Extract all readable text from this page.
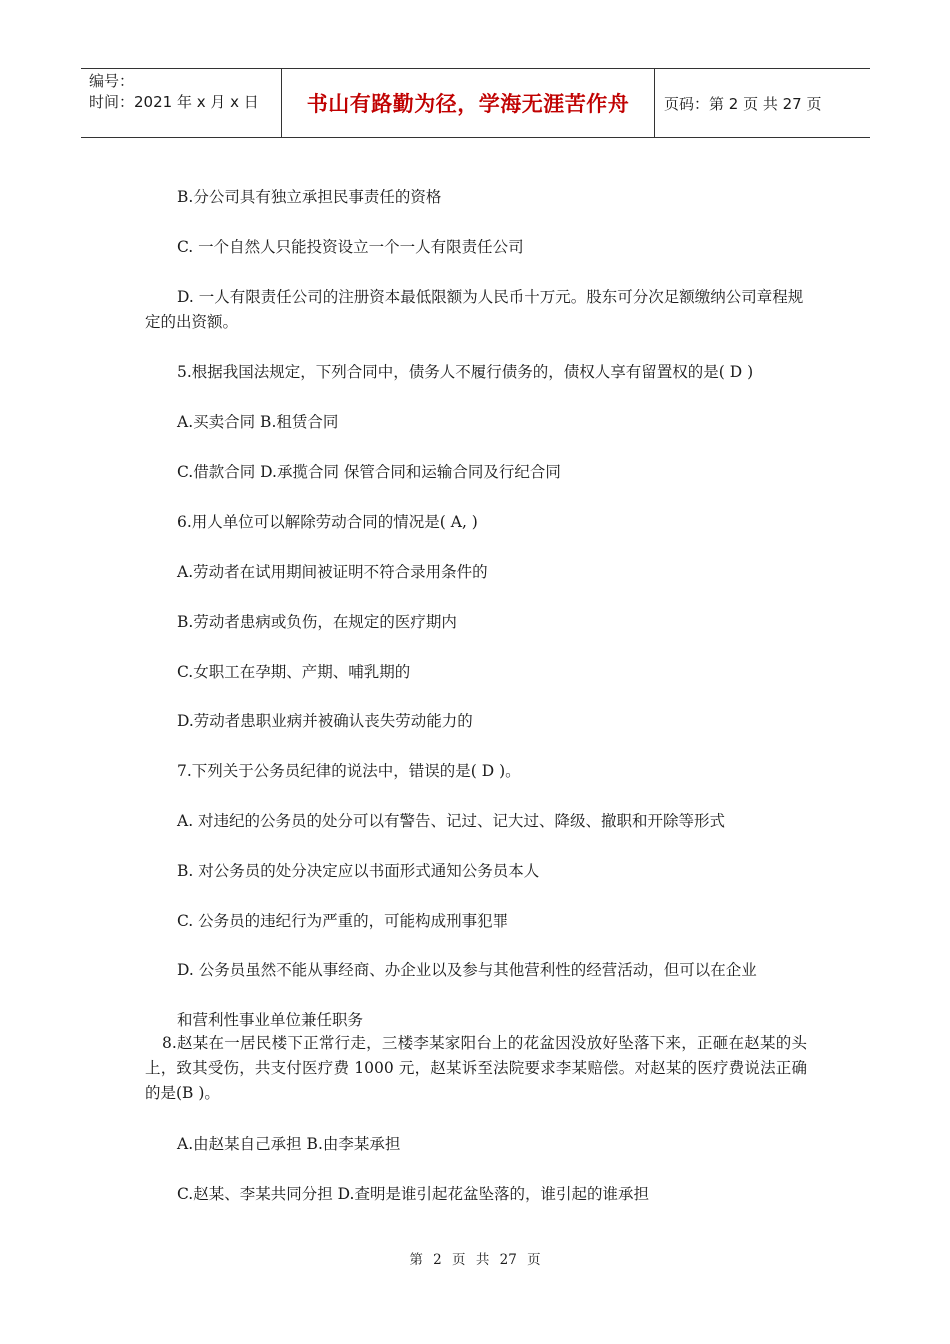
编号：
时间：2021 年 x 月 x 日	书山有路勤为径，学海无涯苦作舟 页码：第 2 页 共 27 页
B.分公司具有独立承担民事责任的资格
C. 一个自然人只能投资设立一个一人有限责任公司
D. 一人有限责任公司的注册资本最低限额为人民币十万元。股东可分次足额缴纳公司章程规定的出资额。
5.根据我国法规定，下列合同中，债务人不履行债务的，债权人享有留置权的是( D )
A.买卖合同 B.租赁合同
C.借款合同 D.承揽合同 保管合同和运输合同及行纪合同
6.用人单位可以解除劳动合同的情况是( A, )
A.劳动者在试用期间被证明不符合录用条件的
B.劳动者患病或负伤，在规定的医疗期内
C.女职工在孕期、产期、哺乳期的
D.劳动者患职业病并被确认丧失劳动能力的
7.下列关于公务员纪律的说法中，错误的是( D )。
A. 对违纪的公务员的处分可以有警告、记过、记大过、降级、撤职和开除等形式
B. 对公务员的处分决定应以书面形式通知公务员本人
C. 公务员的违纪行为严重的，可能构成刑事犯罪
D. 公务员虽然不能从事经商、办企业以及参与其他营利性的经营活动，但可以在企业
和营利性事业单位兼任职务
8.赵某在一居民楼下正常行走，三楼李某家阳台上的花盆因没放好坠落下来，正砸在赵某的头上，致其受伤，共支付医疗费 1000 元，赵某诉至法院要求李某赔偿。对赵某的医疗费说法正确的是(B )。
A.由赵某自己承担 B.由李某承担
C.赵某、李某共同分担 D.查明是谁引起花盆坠落的，谁引起的谁承担
第 2 页 共 27 页
